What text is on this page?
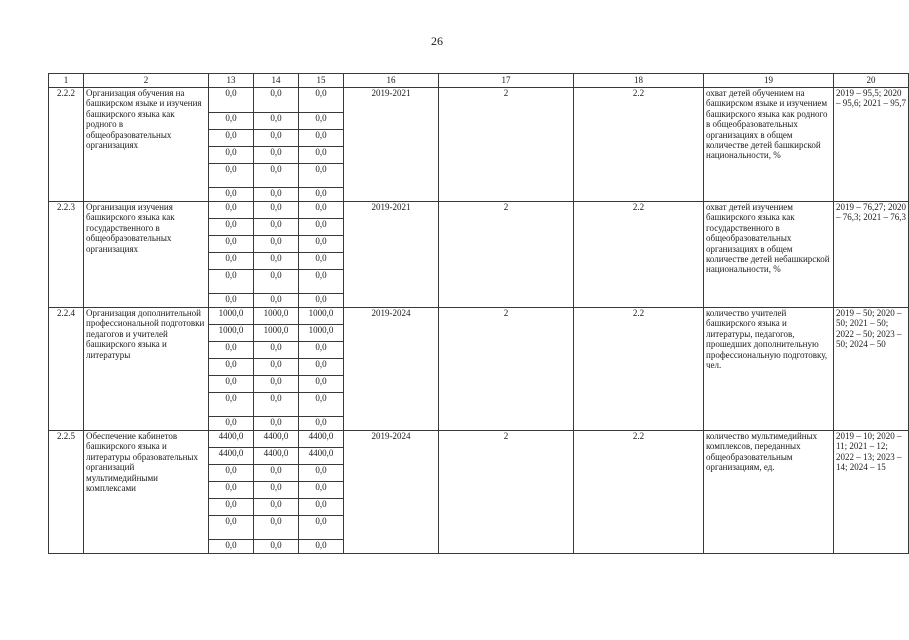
26
1	2	13	14	15	16	17	18	19	20
2.2.2	Организация обучения на башкирском языке и изучения башкирского языка как родного в общеобразовательных организациях	0,0	0,0	0,0	2019-2021	2	2.2	охват детей обучением на башкирском языке и изучением башкирского языка как родного в общеобразовательных организациях в общем количестве детей башкирской национальности, %	2019 – 95,5; 2020 – 95,6; 2021 – 95,7
		0,0	0,0	0,0					
		0,0	0,0	0,0					
		0,0	0,0	0,0					
		0,0	0,0	0,0					
		0,0	0,0	0,0					
2.2.3	Организация изучения башкирского языка как государственного в общеобразовательных организациях	0,0	0,0	0,0	2019-2021	2	2.2	охват детей изучением башкирского языка как государственного в общеобразовательных организациях в общем количестве детей небашкирской национальности, %	2019 – 76,27; 2020 – 76,3; 2021 – 76,3
		0,0	0,0	0,0					
		0,0	0,0	0,0					
		0,0	0,0	0,0					
		0,0	0,0	0,0					
		0,0	0,0	0,0					
2.2.4	Организация дополнительной профессиональной подготовки педагогов и учителей башкирского языка и литературы	1000,0	1000,0	1000,0	2019-2024	2	2.2	количество учителей башкирского языка и литературы, педагогов, прошедших дополнительную профессиональную подготовку, чел.	2019 – 50; 2020 – 50; 2021 – 50; 2022 – 50; 2023 – 50; 2024 – 50
		1000,0	1000,0	1000,0					
		0,0	0,0	0,0					
		0,0	0,0	0,0					
		0,0	0,0	0,0					
		0,0	0,0	0,0					
		0,0	0,0	0,0					
2.2.5	Обеспечение кабинетов башкирского языка и литературы образовательных организаций мультимедийными комплексами	4400,0	4400,0	4400,0	2019-2024	2	2.2	количество мультимедийных комплексов, переданных общеобразовательным организациям, ед.	2019 – 10; 2020 – 11; 2021 – 12; 2022 – 13; 2023 – 14; 2024 – 15
		4400,0	4400,0	4400,0					
		0,0	0,0	0,0					
		0,0	0,0	0,0					
		0,0	0,0	0,0					
		0,0	0,0	0,0					
		0,0	0,0	0,0					
